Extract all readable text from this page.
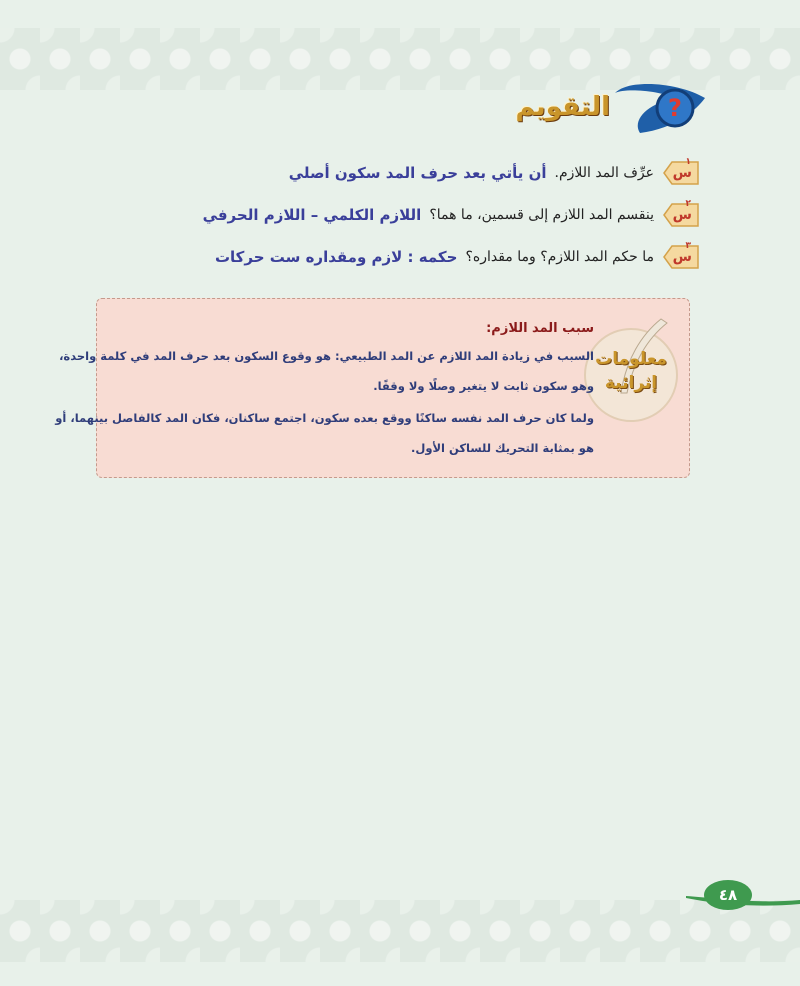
?
التقويم
١
س
عرِّف المد اللازم.
أن يأتي بعد حرف المد سكون أصلي
٢
س
ينقسم المد اللازم إلى قسمين، ما هما؟
اللازم الكلمي – اللازم الحرفي
٣
س
ما حكم المد اللازم؟ وما مقداره؟
حكمه : لازم ومقداره ست حركات
معلومات
إثرائية
سبب المد اللازم:
السبب في زيادة المد اللازم عن المد الطبيعي: هو وقوع السكون بعد حرف المد في كلمة واحدة،
وهو سكون ثابت لا يتغير وصلًا ولا وقفًا.
ولما كان حرف المد نفسه ساكنًا ووقع بعده سكون، اجتمع ساكنان، فكان المد كالفاصل بينهما، أو
هو بمثابة التحريك للساكن الأول.
٤٨
